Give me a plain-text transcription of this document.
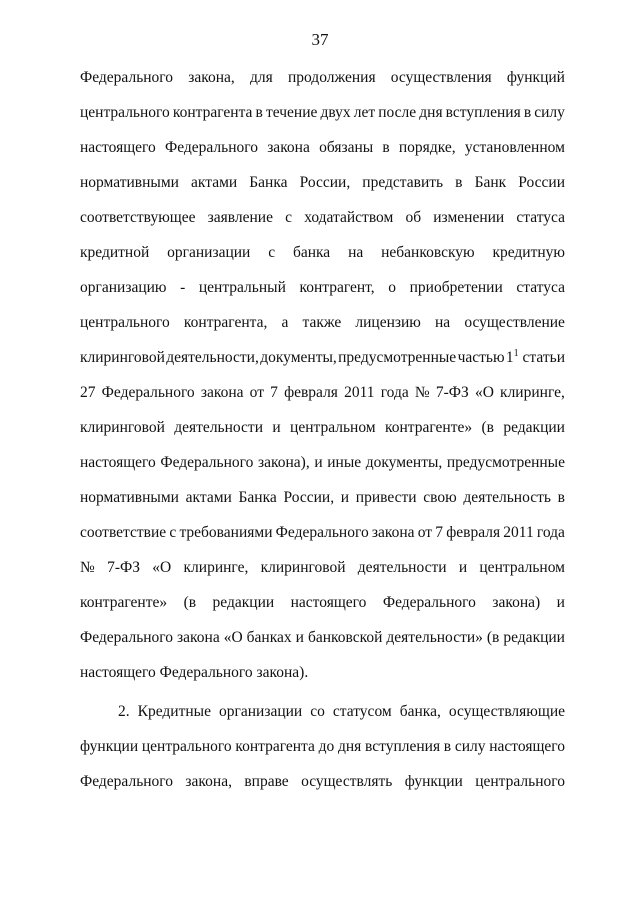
37
Федерального закона, для продолжения осуществления функций
центрального контрагента в течение двух лет после дня вступления в силу
настоящего Федерального закона обязаны в порядке, установленном
нормативными актами Банка России, представить в Банк России
соответствующее заявление с ходатайством об изменении статуса
кредитной организации с банка на небанковскую кредитную
организацию - центральный контрагент, о приобретении статуса
центрального контрагента, а также лицензию на осуществление
клиринговой деятельности, документы, предусмотренные частью $1^1$ статьи
27 Федерального закона от 7 февраля 2011 года № 7-ФЗ «О клиринге,
клиринговой деятельности и центральном контрагенте» (в редакции
настоящего Федерального закона), и иные документы, предусмотренные
нормативными актами Банка России, и привести свою деятельность в
соответствие с требованиями Федерального закона от 7 февраля 2011 года
№ 7-ФЗ «О клиринге, клиринговой деятельности и центральном
контрагенте» (в редакции настоящего Федерального закона) и
Федерального закона «О банках и банковской деятельности» (в редакции
настоящего Федерального закона).
2. Кредитные организации со статусом банка, осуществляющие
функции центрального контрагента до дня вступления в силу настоящего
Федерального закона, вправе осуществлять функции центрального
